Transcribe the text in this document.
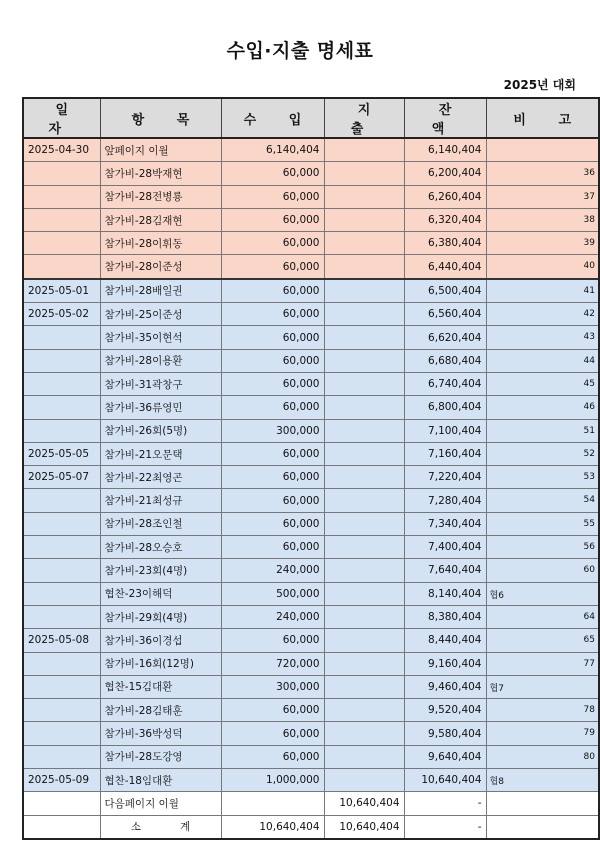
수입·지출 명세표
2025년 대회
일 자	항 목	수 입	지 출	잔 액	비 고
2025-04-30	앞페이지 이월	6,140,404		6,140,404	

	참가비-28박재현	60,000		6,200,404	36

	참가비-28전병룡	60,000		6,260,404	37

	참가비-28김재현	60,000		6,320,404	38

	참가비-28이휘동	60,000		6,380,404	39

	참가비-28이준성	60,000		6,440,404	40

2025-05-01	참가비-28배일권	60,000		6,500,404	41

2025-05-02	참가비-25이준성	60,000		6,560,404	42

	참가비-35이현석	60,000		6,620,404	43

	참가비-28이용환	60,000		6,680,404	44

	참가비-31곽창구	60,000		6,740,404	45

	참가비-36류영민	60,000		6,800,404	46

	참가비-26회(5명)	300,000		7,100,404	51

2025-05-05	참가비-21오문택	60,000		7,160,404	52

2025-05-07	참가비-22최영곤	60,000		7,220,404	53

	참가비-21최성규	60,000		7,280,404	54

	참가비-28조인철	60,000		7,340,404	55

	참가비-28오승호	60,000		7,400,404	56

	참가비-23회(4명)	240,000		7,640,404	60

	협찬-23이해덕	500,000		8,140,404	협6

	참가비-29회(4명)	240,000		8,380,404	64

2025-05-08	참가비-36이경섭	60,000		8,440,404	65

	참가비-16회(12명)	720,000		9,160,404	77

	협찬-15김대환	300,000		9,460,404	협7

	참가비-28김태훈	60,000		9,520,404	78

	참가비-36박성덕	60,000		9,580,404	79

	참가비-28도강영	60,000		9,640,404	80

2025-05-09	협찬-18임대환	1,000,000		10,640,404	협8

	다음페이지 이월		10,640,404	-	

	소 계	10,640,404	10,640,404	-	
